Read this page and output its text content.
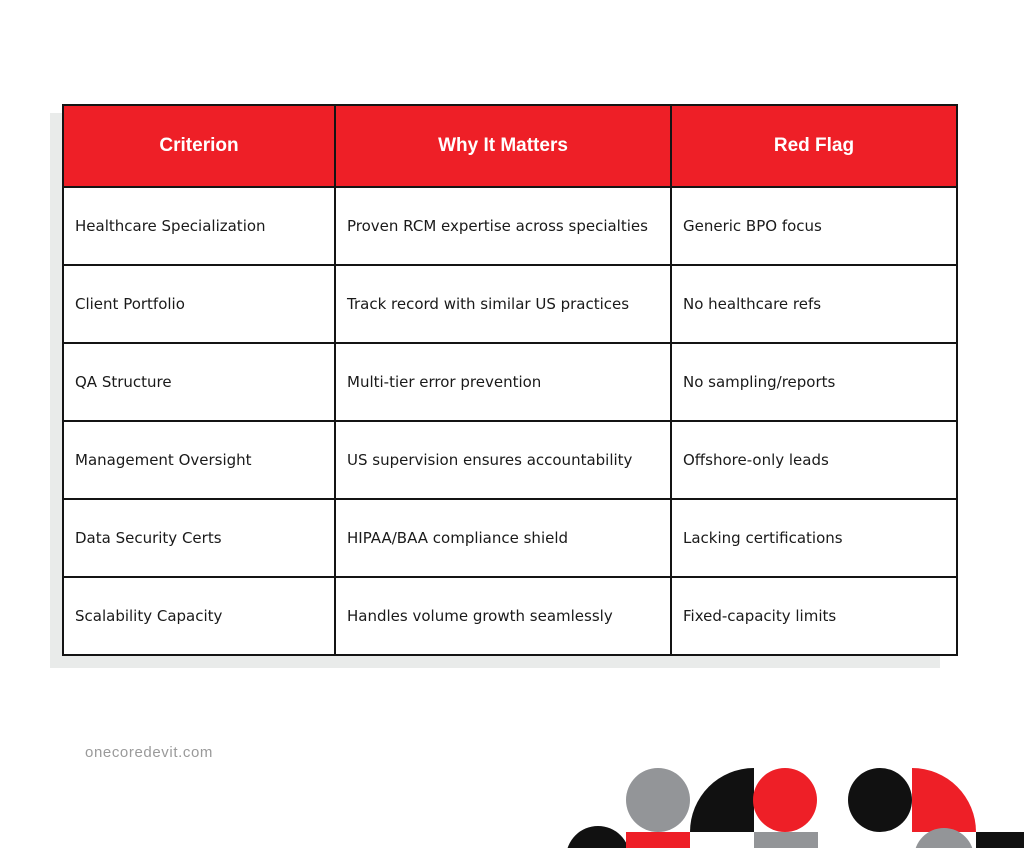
Criterion	Why It Matters	Red Flag
Healthcare Specialization	Proven RCM expertise across specialties	Generic BPO focus
Client Portfolio	Track record with similar US practices	No healthcare refs
QA Structure	Multi-tier error prevention	No sampling/reports
Management Oversight	US supervision ensures accountability	Offshore-only leads
Data Security Certs	HIPAA/BAA compliance shield	Lacking certifications
Scalability Capacity	Handles volume growth seamlessly	Fixed-capacity limits
onecoredevit.com
